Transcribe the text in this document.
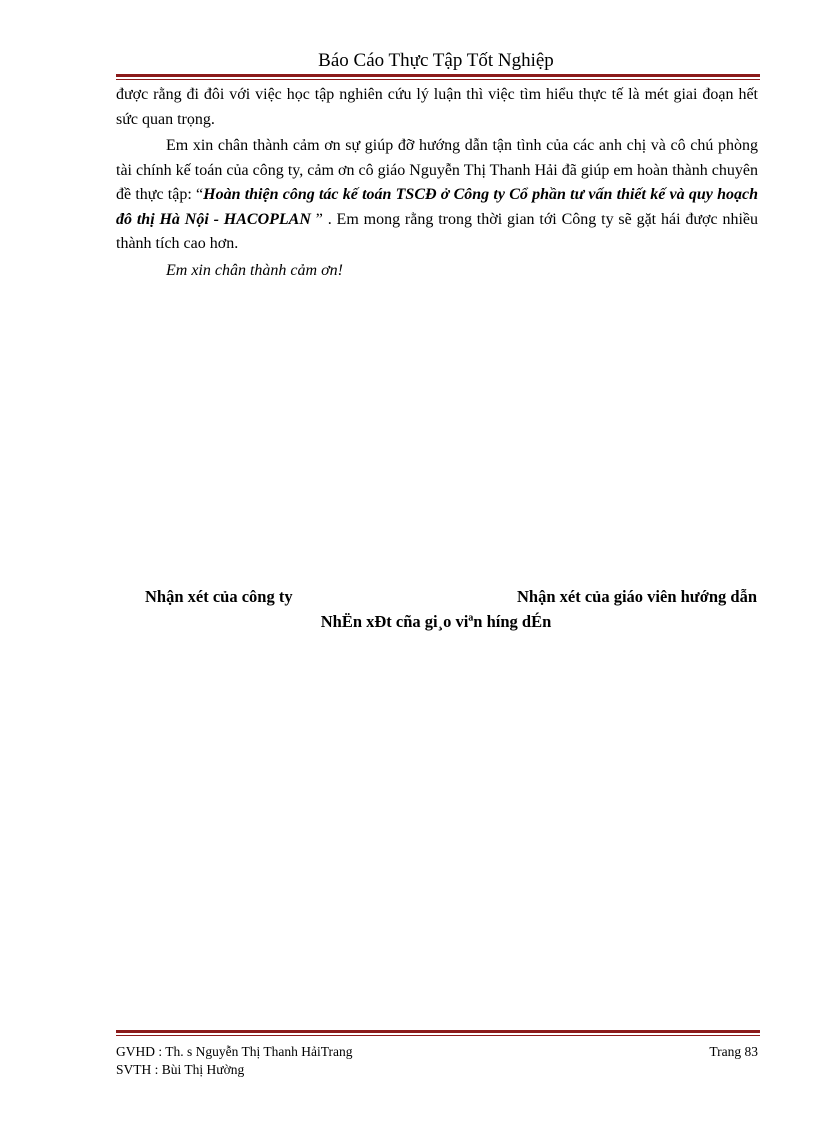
Báo Cáo Thực Tập Tốt Nghiệp

được rằng đi đôi với việc học tập nghiên cứu lý luận thì việc tìm hiểu thực tế là mét giai đoạn hết sức quan trọng.

Em xin chân thành cảm ơn sự giúp đỡ hướng dẫn tận tình của các anh chị và cô chú phòng tài chính kế toán của công ty, cảm ơn cô giáo Nguyễn Thị Thanh Hải đã giúp em hoàn thành chuyên đề thực tập: “Hoàn thiện công tác kế toán TSCĐ ở Công ty Cổ phần tư vấn thiết kế và quy hoạch đô thị Hà Nội - HACOPLAN ” . Em mong rằng trong thời gian tới Công ty sẽ gặt hái được nhiều thành tích cao hơn.

Em xin chân thành cảm ơn!

Nhận xét của công ty	Nhận xét của giáo viên hướng dẫn
NhËn xÐt cña gi¸o viªn híng dÉn
GVHD : Th. s Nguyễn Thị Thanh HảiTrang	Trang 83
SVTH : Bùi Thị Hường
